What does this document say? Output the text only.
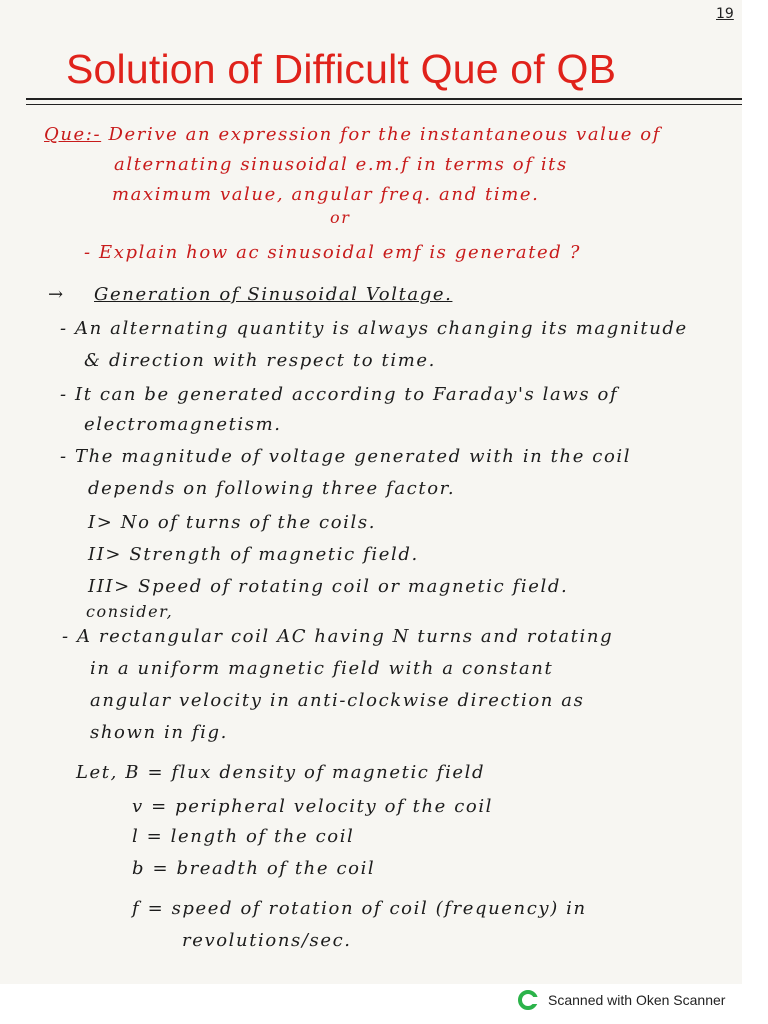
19
Solution of Difficult Que of QB
Que:- Derive an expression for the instantaneous value of
alternating sinusoidal e.m.f in terms of its
maximum value, angular freq. and time.
or
- Explain how ac sinusoidal emf is generated ?
→ Generation of Sinusoidal Voltage.
- An alternating quantity is always changing its magnitude
& direction with respect to time.
- It can be generated according to Faraday's laws of
electromagnetism.
- The magnitude of voltage generated with in the coil
depends on following three factor.
I> No of turns of the coils.
II> Strength of magnetic field.
III> Speed of rotating coil or magnetic field.
consider,
- A rectangular coil AC having N turns and rotating
in a uniform magnetic field with a constant
angular velocity in anti-clockwise direction as
shown in fig.
Let, B = flux density of magnetic field
v = peripheral velocity of the coil
l = length of the coil
b = breadth of the coil
f = speed of rotation of coil (frequency) in
revolutions/sec.
Scanned with Oken Scanner
